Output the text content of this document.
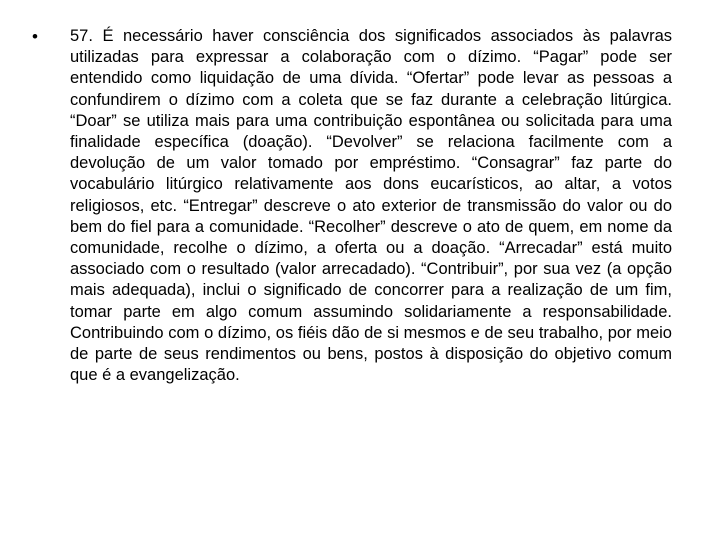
•	57. É necessário haver consciência dos significados associados às palavras utilizadas para expressar a colaboração com o dízimo. “Pagar” pode ser entendido como liquidação de uma dívida. “Ofertar” pode levar as pessoas a confundirem o dízimo com a coleta que se faz durante a celebração litúrgica. “Doar” se utiliza mais para uma contribuição espontânea ou solicitada para uma finalidade específica (doação). “Devolver” se relaciona facilmente com a devolução de um valor tomado por empréstimo. “Consagrar” faz parte do vocabulário litúrgico relativamente aos dons eucarísticos, ao altar, a votos religiosos, etc. “Entregar” descreve o ato exterior de transmissão do valor ou do bem do fiel para a comunidade. “Recolher” descreve o ato de quem, em nome da comunidade, recolhe o dízimo, a oferta ou a doação. “Arrecadar” está muito associado com o resultado (valor arrecadado). “Contribuir”, por sua vez (a opção mais adequada), inclui o significado de concorrer para a realização de um fim, tomar parte em algo comum assumindo solidariamente a responsabilidade. Contribuindo com o dízimo, os fiéis dão de si mesmos e de seu trabalho, por meio de parte de seus rendimentos ou bens, postos à disposição do objetivo comum que é a evangelização.
